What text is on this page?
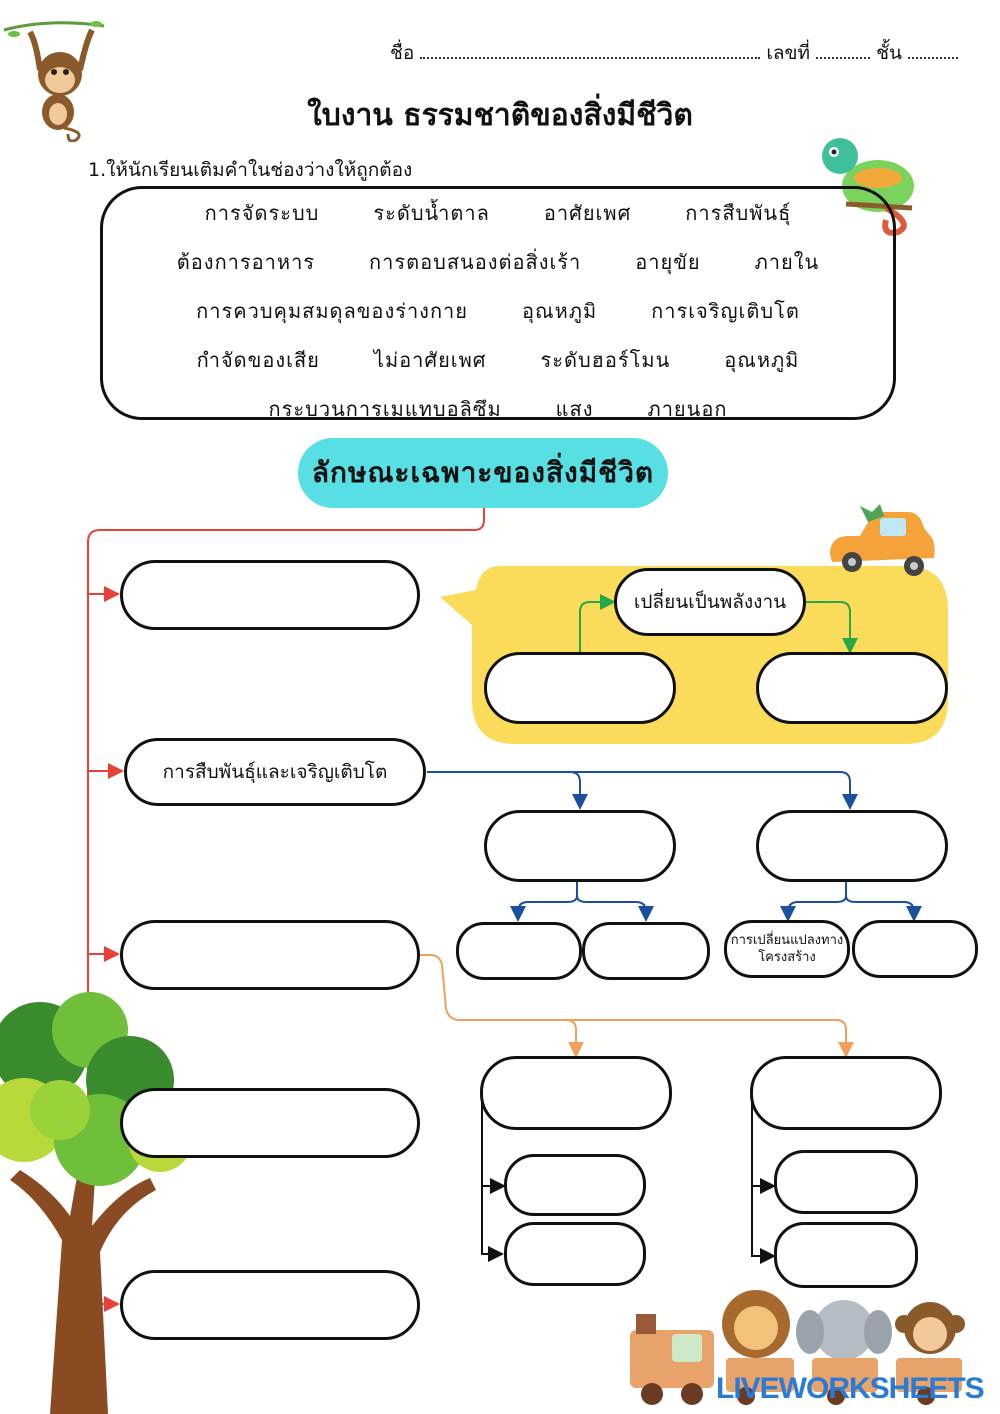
ชื่อ	เลขที่	ชั้น
ใบงาน ธรรมชาติของสิ่งมีชีวิต
1.ให้นักเรียนเติมคำในช่องว่างให้ถูกต้อง
การจัดระบบ	ระดับน้ำตาล	อาศัยเพศ	การสืบพันธุ์
ต้องการอาหาร	การตอบสนองต่อสิ่งเร้า	อายุขัย	ภายใน
การควบคุมสมดุลของร่างกาย	อุณหภูมิ	การเจริญเติบโต
กำจัดของเสีย	ไม่อาศัยเพศ	ระดับฮอร์โมน	อุณหภูมิ
กระบวนการเมแทบอลิซึม	แสง	ภายนอก
ลักษณะเฉพาะของสิ่งมีชีวิต
การสืบพันธุ์และเจริญเติบโต
เปลี่ยนเป็นพลังงาน
การเปลี่ยนแปลงทางโครงสร้าง
LIVEWORKSHEETS
